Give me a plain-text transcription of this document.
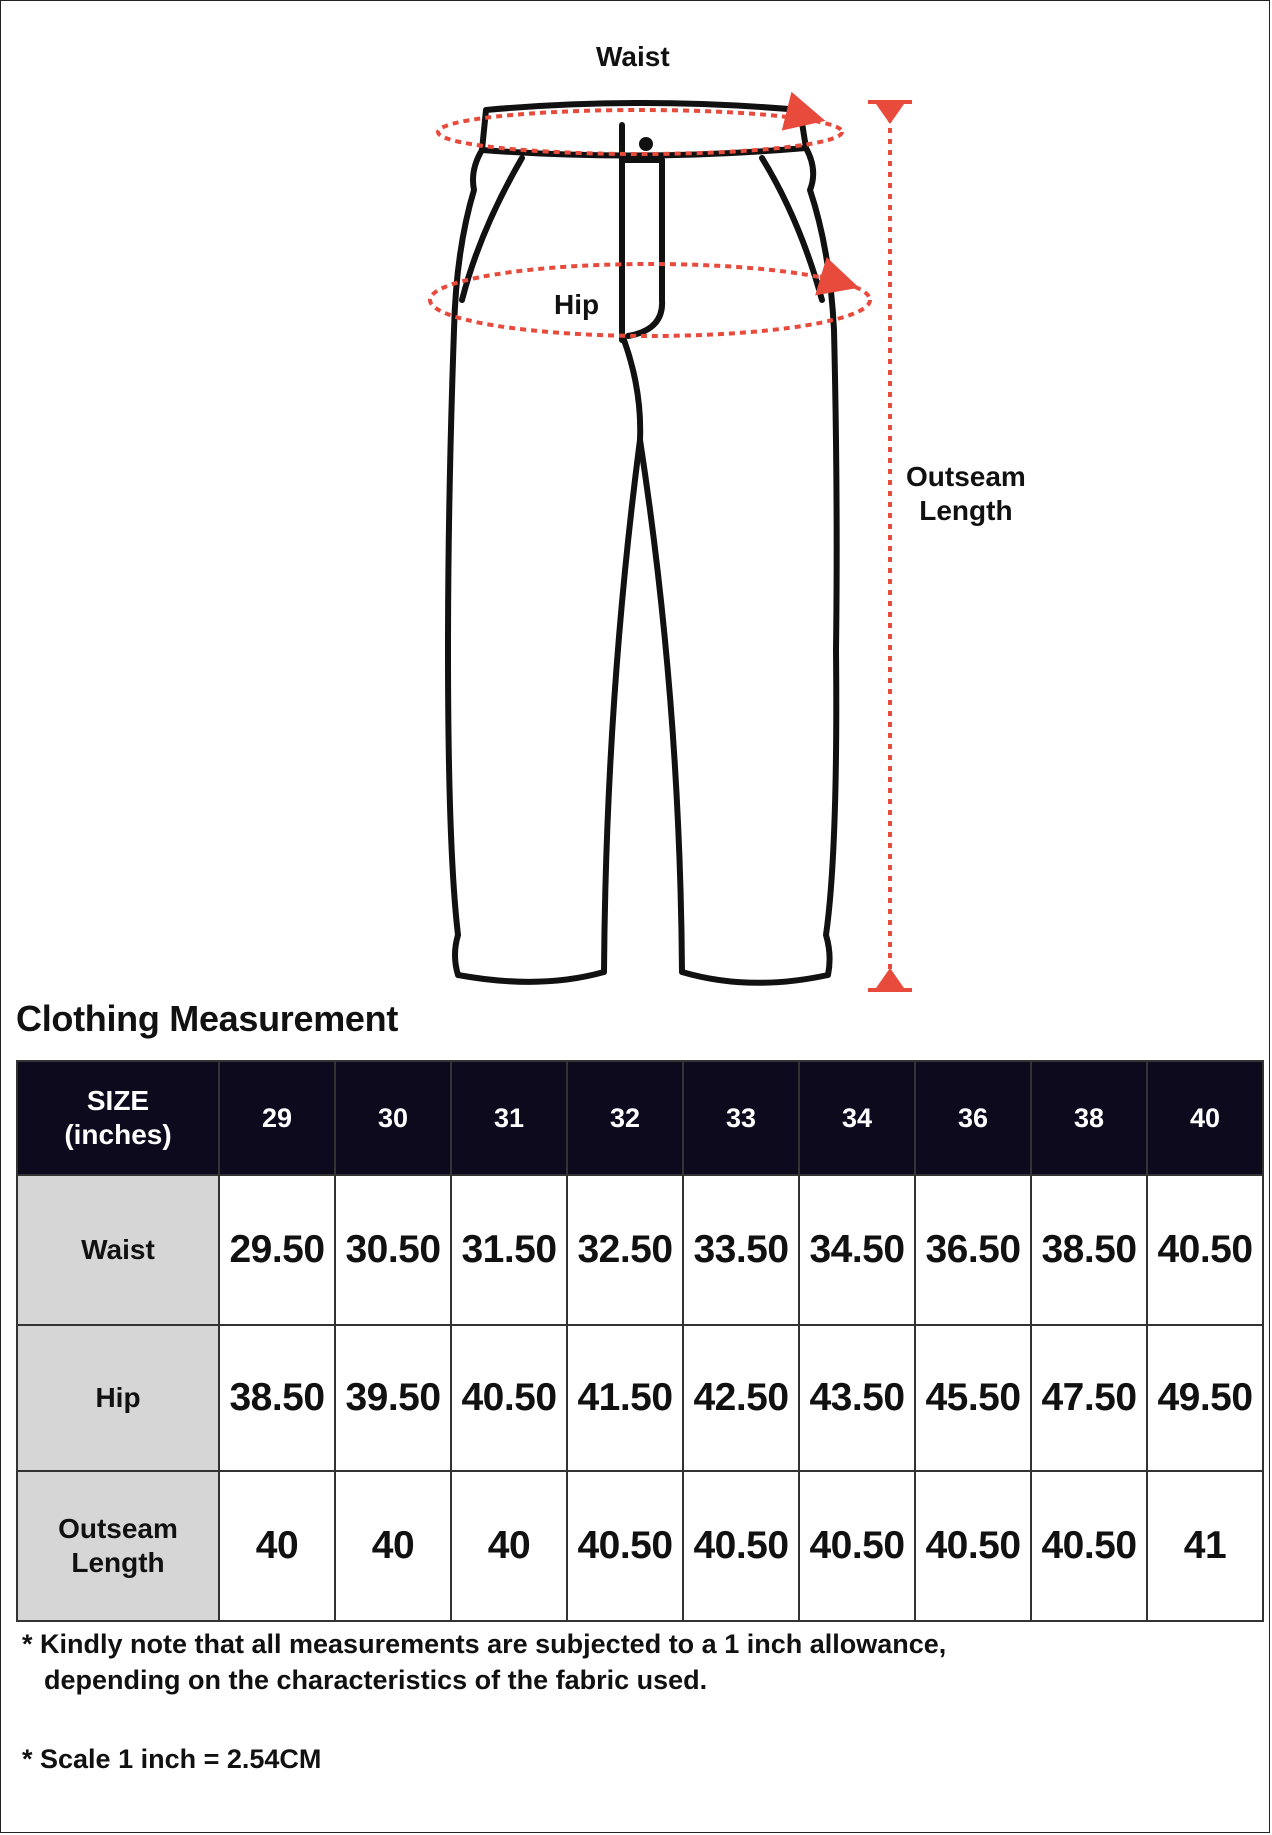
Waist
Hip
Outseam
Length
Clothing Measurement
SIZE
(inches)	29	30	31	32	33	34	36	38	40

Waist	29.50	30.50	31.50	32.50	33.50	34.50	36.50	38.50	40.50

Hip	38.50	39.50	40.50	41.50	42.50	43.50	45.50	47.50	49.50

Outseam
Length	40	40	40	40.50	40.50	40.50	40.50	40.50	41
* Kindly note that all measurements are subjected to a 1 inch allowance,
depending on the characteristics of the fabric used.
* Scale 1 inch = 2.54CM
